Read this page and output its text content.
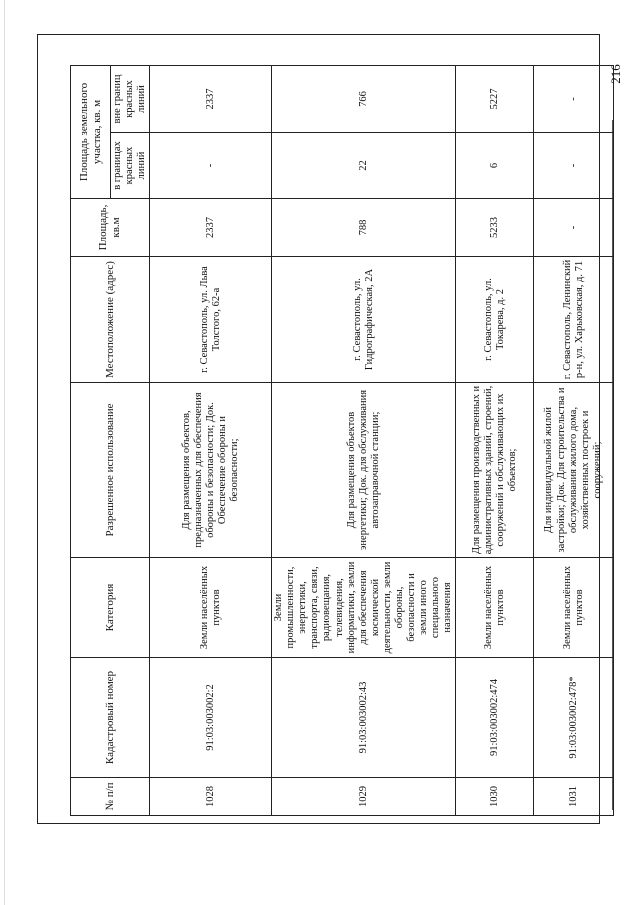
216
№ п/п	Кадастровый номер	Категория	Разрешенное использование	Местоположение (адрес)	Площадь, кв.м	Площадь земельного участка, кв. м	
						в границах красных линий	вне границ красных линий
1028	91:03:003002:2	Земли населённых пунктов	Для размещения объектов, предназначенных для обеспечения обороны и безопасности; Док. Обеспечение обороны и безопасности;	г. Севастополь, ул. Льва Толстого, 62-а	2337	-	2337
1029	91:03:003002:43	Земли промышленности, энергетики, транспорта, связи, радиовещания, телевидения, информатики, земли для обеспечения космической деятельности, земли обороны, безопасности и земли иного специального назначения	Для размещения объектов энергетики; Док. для обслуживания автозаправочной станции;	г. Севастополь, ул. Гидрографическая, 2А	788	22	766
1030	91:03:003002:474	Земли населённых пунктов	Для размещения производственных и административных зданий, строений, сооружений и обслуживающих их объектов;	г. Севастополь, ул. Токарева, д. 2	5233	6	5227
1031	91:03:003002:478*	Земли населённых пунктов	Для индивидуальной жилой застройки; Док. Для строительства и обслуживания жилого дома, хозяйственных построек и сооружений;	г. Севастополь, Ленинский р-н, ул. Харьковская, д. 71	-	-	-
